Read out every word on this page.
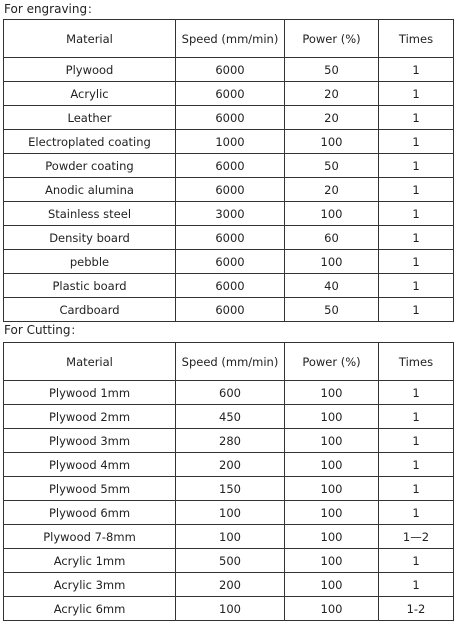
For engraving：
Material	Speed (mm/min)	Power (%)	Times
Plywood	6000	50	1
Acrylic	6000	20	1
Leather	6000	20	1
Electroplated coating	1000	100	1
Powder coating	6000	50	1
Anodic alumina	6000	20	1
Stainless steel	3000	100	1
Density board	6000	60	1
pebble	6000	100	1
Plastic board	6000	40	1
Cardboard	6000	50	1
For Cutting：
Material	Speed (mm/min)	Power (%)	Times
Plywood 1mm	600	100	1
Plywood 2mm	450	100	1
Plywood 3mm	280	100	1
Plywood 4mm	200	100	1
Plywood 5mm	150	100	1
Plywood 6mm	100	100	1
Plywood 7-8mm	100	100	1—2
Acrylic 1mm	500	100	1
Acrylic 3mm	200	100	1
Acrylic 6mm	100	100	1-2
